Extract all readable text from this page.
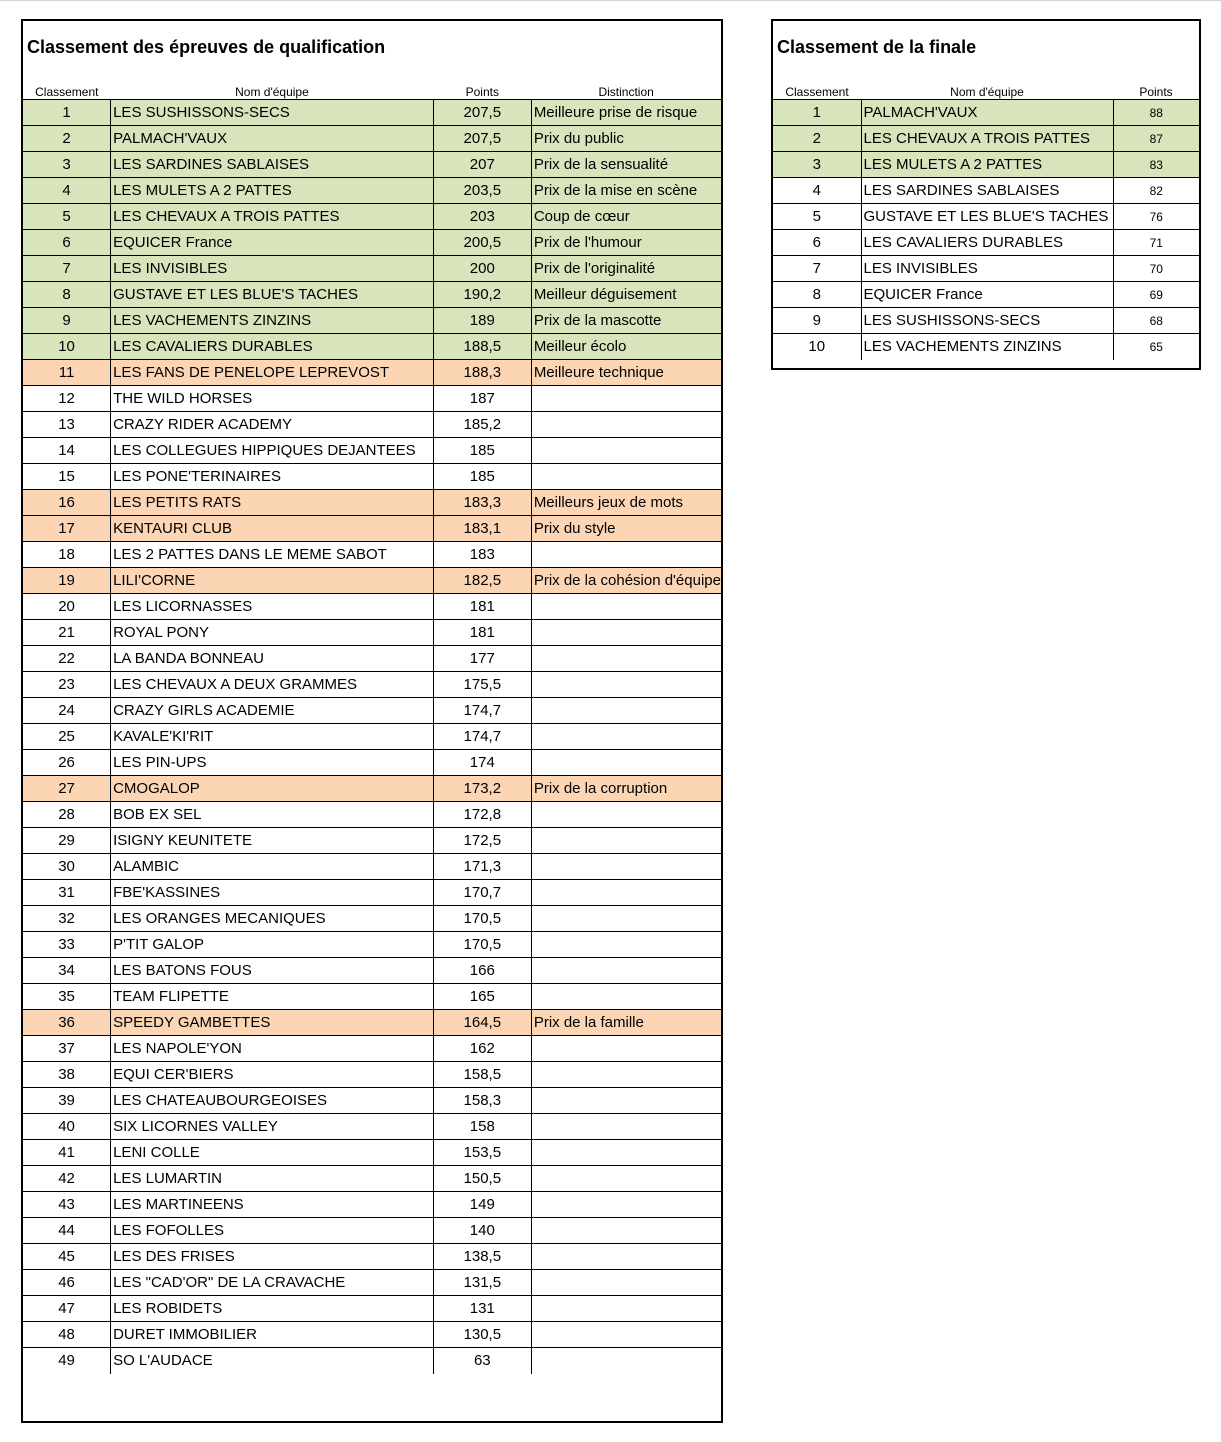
Classement des épreuves de qualification
Classement	Nom d'équipe	Points	Distinction
1	LES SUSHISSONS-SECS	207,5	Meilleure prise de risque
2	PALMACH'VAUX	207,5	Prix du public
3	LES SARDINES SABLAISES	207	Prix de la sensualité
4	LES MULETS A 2 PATTES	203,5	Prix de la mise en scène
5	LES CHEVAUX A TROIS PATTES	203	Coup de cœur
6	EQUICER France	200,5	Prix de l'humour
7	LES INVISIBLES	200	Prix de l'originalité
8	GUSTAVE ET LES BLUE'S TACHES	190,2	Meilleur déguisement
9	LES VACHEMENTS ZINZINS	189	Prix de la mascotte
10	LES CAVALIERS DURABLES	188,5	Meilleur écolo
11	LES FANS DE PENELOPE LEPREVOST	188,3	Meilleure technique
12	THE WILD HORSES	187	
13	CRAZY RIDER ACADEMY	185,2	
14	LES COLLEGUES HIPPIQUES DEJANTEES	185	
15	LES PONE'TERINAIRES	185	
16	LES PETITS RATS	183,3	Meilleurs jeux de mots
17	KENTAURI CLUB	183,1	Prix du style
18	LES 2 PATTES DANS LE MEME SABOT	183	
19	LILI'CORNE	182,5	Prix de la cohésion d'équipe
20	LES LICORNASSES	181	
21	ROYAL PONY	181	
22	LA BANDA BONNEAU	177	
23	LES CHEVAUX A DEUX GRAMMES	175,5	
24	CRAZY GIRLS ACADEMIE	174,7	
25	KAVALE'KI'RIT	174,7	
26	LES PIN-UPS	174	
27	CMOGALOP	173,2	Prix de la corruption
28	BOB EX SEL	172,8	
29	ISIGNY KEUNITETE	172,5	
30	ALAMBIC	171,3	
31	FBE'KASSINES	170,7	
32	LES ORANGES MECANIQUES	170,5	
33	P'TIT GALOP	170,5	
34	LES BATONS FOUS	166	
35	TEAM FLIPETTE	165	
36	SPEEDY GAMBETTES	164,5	Prix de la famille
37	LES NAPOLE'YON	162	
38	EQUI CER'BIERS	158,5	
39	LES CHATEAUBOURGEOISES	158,3	
40	SIX LICORNES VALLEY	158	
41	LENI COLLE	153,5	
42	LES LUMARTIN	150,5	
43	LES MARTINEENS	149	
44	LES FOFOLLES	140	
45	LES DES FRISES	138,5	
46	LES "CAD'OR" DE LA CRAVACHE	131,5	
47	LES ROBIDETS	131	
48	DURET IMMOBILIER	130,5	
49	SO L'AUDACE	63	
Classement de la finale
Classement	Nom d'équipe	Points
1	PALMACH'VAUX	88
2	LES CHEVAUX A TROIS PATTES	87
3	LES MULETS A 2 PATTES	83
4	LES SARDINES SABLAISES	82
5	GUSTAVE ET LES BLUE'S TACHES	76
6	LES CAVALIERS DURABLES	71
7	LES INVISIBLES	70
8	EQUICER France	69
9	LES SUSHISSONS-SECS	68
10	LES VACHEMENTS ZINZINS	65
